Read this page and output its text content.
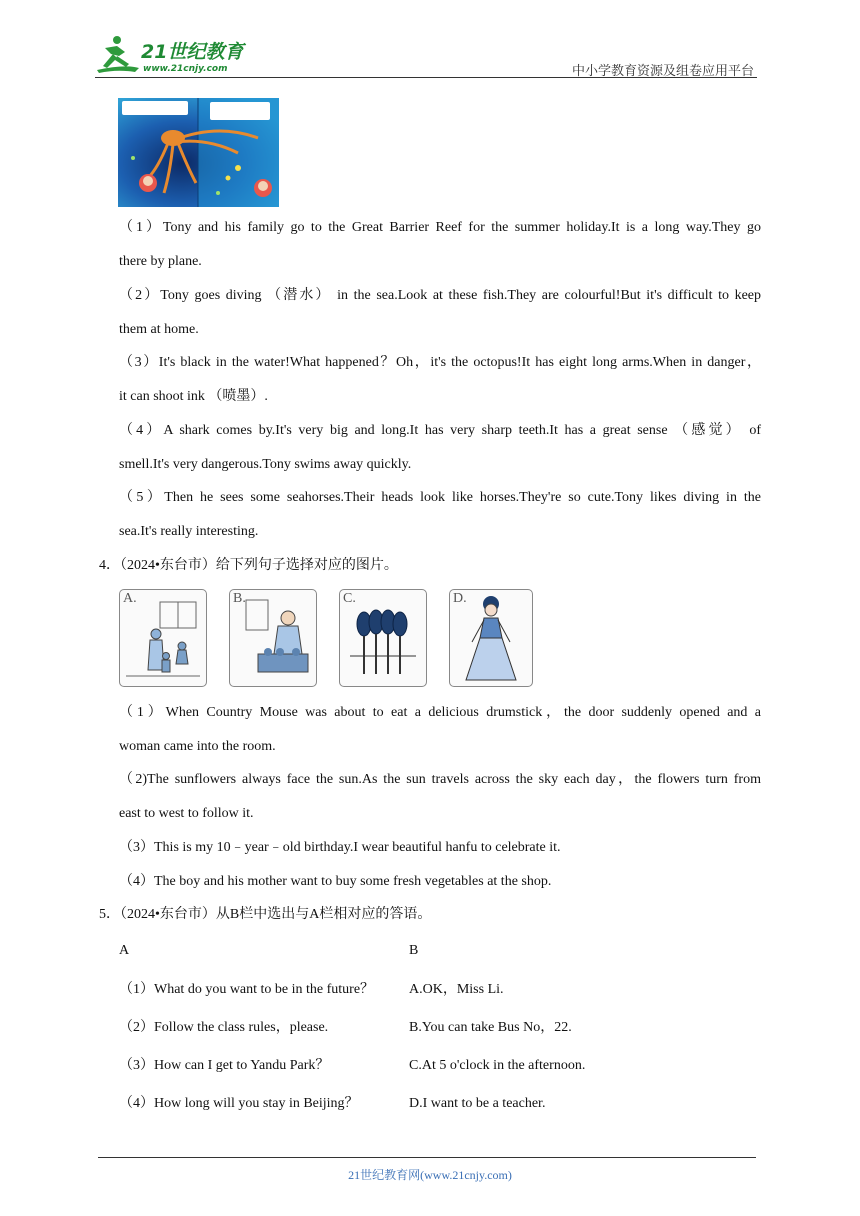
21世纪教育
www.21cnjy.com	中小学教育资源及组卷应用平台
（1）Tony and his family go to the Great Barrier Reef for the summer holiday.It is a long way.They go
there by plane.
（2）Tony goes diving （潜水） in the sea.Look at these fish.They are colourful!But it's difficult to keep
them at home.
（3）It's black in the water!What happened？Oh，it's the octopus!It has eight long arms.When in danger，
it can shoot ink （喷墨）.
（4）A shark comes by.It's very big and long.It has very sharp teeth.It has a great sense （感觉） of
smell.It's very dangerous.Tony swims away quickly.
（5）Then he sees some seahorses.Their heads look like horses.They're so cute.Tony likes diving in the
sea.It's really interesting.
4．（2024•东台市）给下列句子选择对应的图片。
A.	B.	C.	D.
（1）When Country Mouse was about to eat a delicious drumstick，the door suddenly opened and a
woman came into the room.
（2)The sunflowers always face the sun.As the sun travels across the sky each day，the flowers turn from
east to west to follow it.
（3）This is my 10﹣year﹣old birthday.I wear beautiful hanfu to celebrate it.
（4）The boy and his mother want to buy some fresh vegetables at the shop.
5．（2024•东台市）从B栏中选出与A栏相对应的答语。
A	B
（1）What do you want to be in the future？ A.OK，Miss Li.
（2）Follow the class rules，please.	B.You can take Bus No，22.
（3）How can I get to Yandu Park？	C.At 5 o'clock in the afternoon.
（4）How long will you stay in Beijing？	D.I want to be a teacher.
21世纪教育网(www.21cnjy.com)
